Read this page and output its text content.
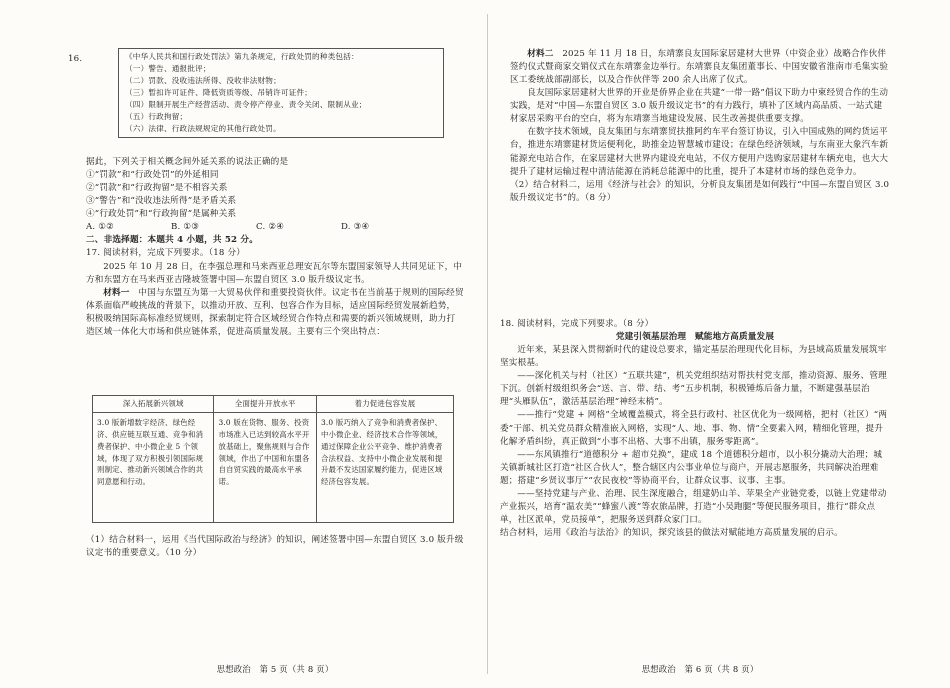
16.	《中华人民共和国行政处罚法》第九条规定，行政处罚的种类包括：
（一）警告、通报批评；
（二）罚款、没收违法所得、没收非法财物；
（三）暂扣许可证件、降低资质等级、吊销许可证件；
（四）限制开展生产经营活动、责令停产停业、责令关闭、限制从业；
（五）行政拘留；
（六）法律、行政法规规定的其他行政处罚。
据此，下列关于相关概念间外延关系的说法正确的是
①“罚款”和“行政处罚”的外延相同
②“罚款”和“行政拘留”是不相容关系
③“警告”和“没收违法所得”是矛盾关系
④“行政处罚”和“行政拘留”是属种关系
A. ①②	B. ①③	C. ②④	D. ③④
二、非选择题：本题共 4 小题，共 52 分。
17. 阅读材料，完成下列要求。（18 分）
2025 年 10 月 28 日，在李强总理和马来西亚总理安瓦尔等东盟国家领导人共同见证下，中方和东盟方在马来西亚吉隆坡签署中国—东盟自贸区 3.0 版升级议定书。
材料一　 中国与东盟互为第一大贸易伙伴和重要投资伙伴。议定书在当前基于规则的国际经贸体系面临严峻挑战的背景下，以推动开放、互利、包容合作为目标，适应国际经贸发展新趋势，积极吸纳国际高标准经贸规则，探索制定符合区域经贸合作特点和需要的新兴领域规则，助力打造区域一体化大市场和供应链体系，促进高质量发展。主要有三个突出特点：
深入拓展新兴领域	全面提升开放水平	着力促进包容发展
3.0 版新增数字经济、绿色经济、供应链互联互通、竞争和消费者保护、中小微企业 5 个领域，体现了双方积极引领国际规则制定、推动新兴领域合作的共同意愿和行动。	3.0 版在货物、服务、投资市场准入已达到较高水平开放基础上，聚焦规则与合作领域，作出了中国和东盟各自自贸实践的最高水平承诺。	3.0 版巧纳入了竞争和消费者保护、中小微企业、经济技术合作等领域，通过保障企业公平竞争、维护消费者合法权益、支持中小微企业发展和提升最不发达国家履约能力，促进区域经济包容发展。
（1）结合材料一，运用《当代国际政治与经济》的知识，阐述签署中国—东盟自贸区 3.0 版升级议定书的重要意义。（10 分）
思想政治　第 5 页（共 8 页）
材料二　 2025 年 11 月 18 日，东靖寨良友国际家居建材大世界（中资企业）战略合作伙伴签约仪式暨商家交销仪式在东靖寨金边举行。东靖寨良友集团董事长、中国安徽省淮南市毛集实验区工委统战部副部长，以及合作伙伴等 200 余人出席了仪式。
良友国际家居建材大世界的开业是侨界企业在共建“一带一路”倡议下助力中柬经贸合作的生动实践，是对“中国—东盟自贸区 3.0 版升级议定书”的有力践行，填补了区域内高品质、一站式建材家居采购平台的空白，将为东靖寨当地建设发展、民生改善提供重要支撑。
在数字技术领域，良友集团与东靖寨贸扶推阿约车平台签订协议，引入中国成熟的网约货运平台，推进东靖寨建材货运便利化，助推金边智慧城市建设；在绿色经济领域，与东南亚大象汽车新能源充电站合作，在家居建材大世界内建设充电站，不仅方便用户选购家居建材车辆充电，也大大提升了建材运输过程中清洁能源在消耗总能源中的比重，提升了本建材市场的绿色竞争力。
（2）结合材料二，运用《经济与社会》的知识，分析良友集团是如何践行“中国—东盟自贸区 3.0 版升级议定书”的。（8 分）
18. 阅读材料，完成下列要求。（8 分）
党建引领基层治理　赋能地方高质量发展
近年来，某县深入贯彻新时代的建设总要求，锚定基层治理现代化目标，为县域高质量发展筑牢坚实根基。
——深化机关与村（社区）“五联共建”，机关党组织结对帮扶村党支部，推动资源、服务、管理下沉。创新村级组织务会“送、言、带、结、考”五步机制，积极锤炼后备力量，不断建强基层治理“头雁队伍”，激活基层治理“神经末梢”。
——推行“党建 + 网格”全域覆盖模式，将全县行政村、社区优化为一级网格，把村（社区）“两委”干部、机关党员群众精准嵌入网格，实现“人、地、事、物、情”全要素入网，精细化管理，提升化解矛盾纠纷，真正做到“小事不出格、大事不出镇，服务零距离”。
——东风镇推行“道德积分 + 超市兑换”，建成 18 个道德积分超市，以小积分撬动大治理；城关镇新城社区打造“社区合伙人”，整合辖区内公事业单位与商户，开展志愿服务，共同解决治理难题；搭建“乡贤议事厅”“农民夜校”等协商平台，让群众议事、议事、主事。
——坚持党建与产业、治理、民生深度融合，组建奶山羊、苹果全产业链党委，以链上党建带动产业振兴，培育“温农美”“蜂蜜八渡”等农旅品牌，打造“小吴跑腿”等便民服务项目，推行“群众点单，社区派单，党员接单”，把服务送到群众家门口。
结合材料，运用《政治与法治》的知识，探究该县的做法对赋能地方高质量发展的启示。
思想政治　第 6 页（共 8 页）
